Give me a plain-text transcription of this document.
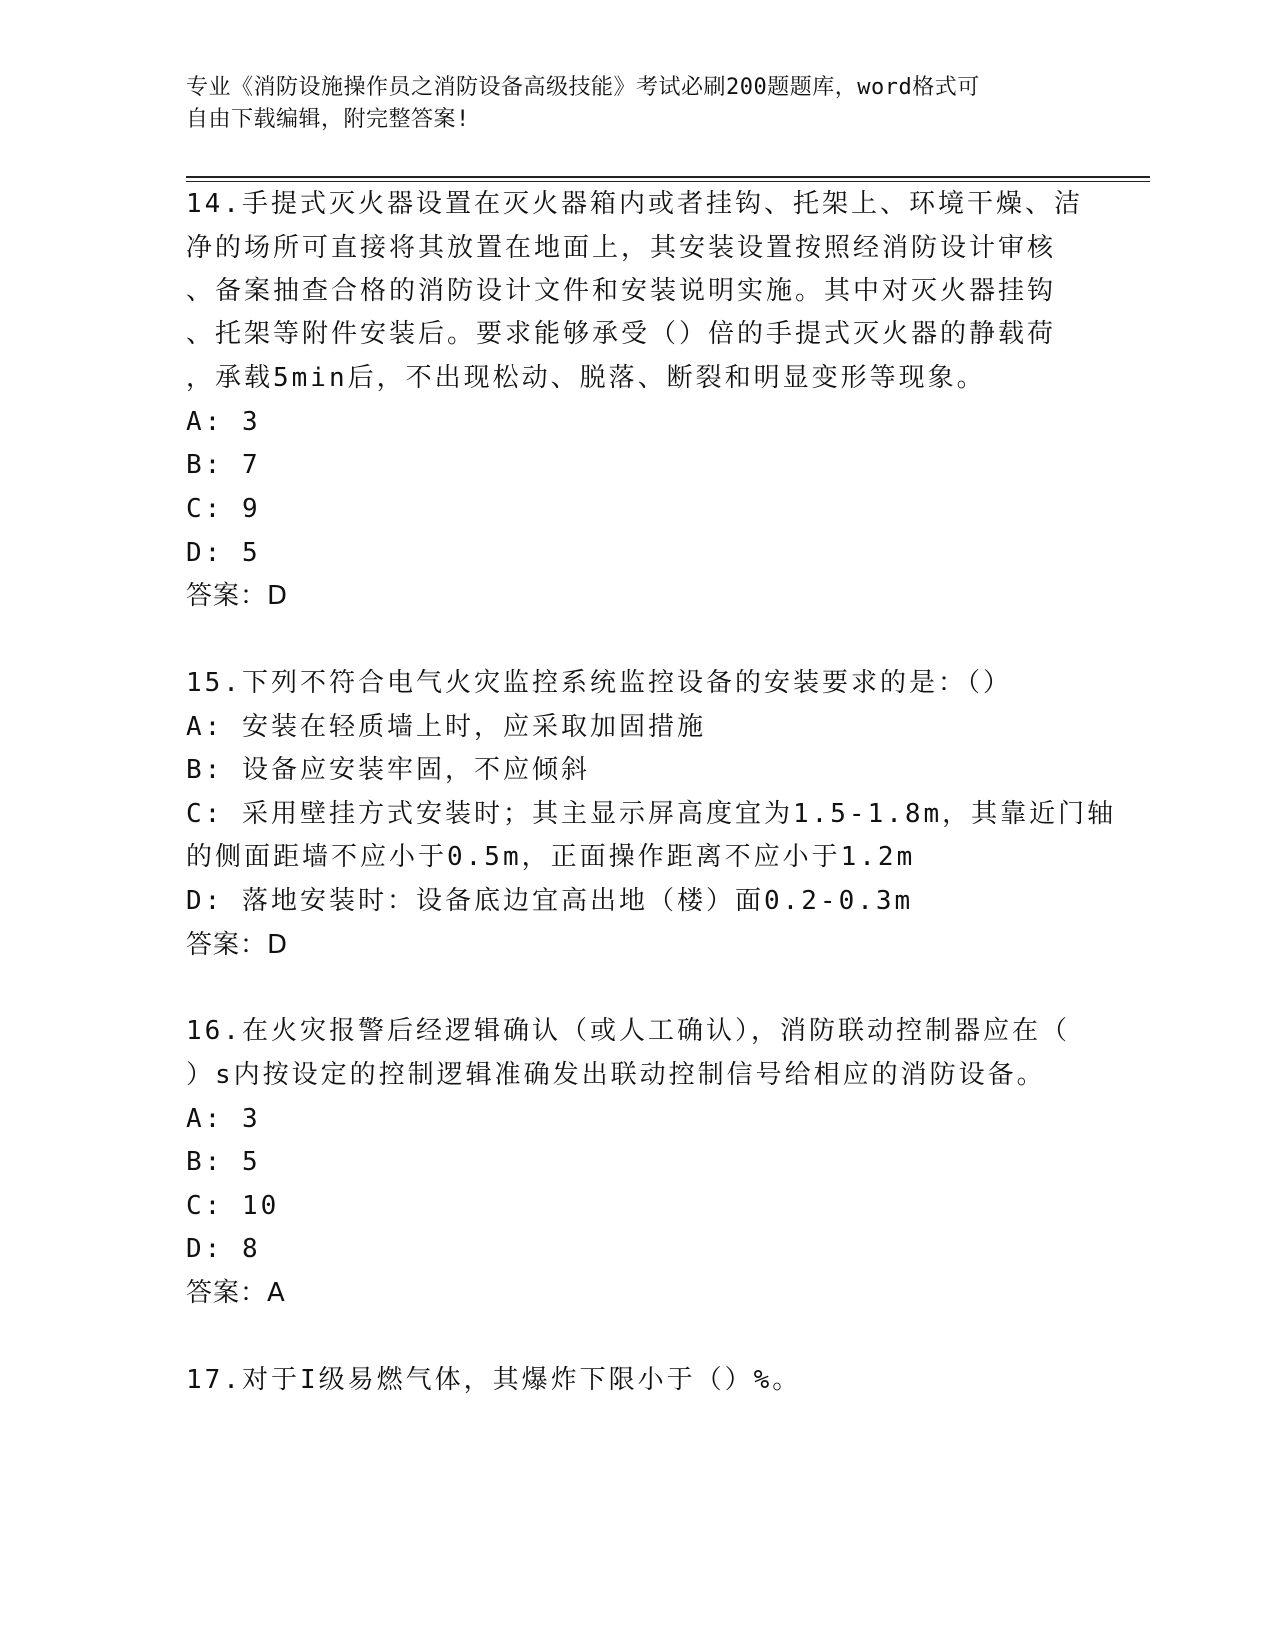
专业《消防设施操作员之消防设备高级技能》考试必刷200题题库，word格式可
自由下载编辑，附完整答案!
14.手提式灭火器设置在灭火器箱内或者挂钩、托架上、环境干燥、洁
净的场所可直接将其放置在地面上，其安装设置按照经消防设计审核
、备案抽查合格的消防设计文件和安装说明实施。其中对灭火器挂钩
、托架等附件安装后。要求能够承受（）倍的手提式灭火器的静载荷
，承载5min后，不出现松动、脱落、断裂和明显变形等现象。
A: 3
B: 7
C: 9
D: 5
答案：D
15.下列不符合电气火灾监控系统监控设备的安装要求的是：（）
A: 安装在轻质墙上时，应采取加固措施
B: 设备应安装牢固，不应倾斜
C: 采用壁挂方式安装时；其主显示屏高度宜为1.5-1.8m，其靠近门轴
的侧面距墙不应小于0.5m，正面操作距离不应小于1.2m
D: 落地安装时：设备底边宜高出地（楼）面0.2-0.3m
答案：D
16.在火灾报警后经逻辑确认（或人工确认），消防联动控制器应在（
）s内按设定的控制逻辑准确发出联动控制信号给相应的消防设备。
A: 3
B: 5
C: 10
D: 8
答案：A
17.对于I级易燃气体，其爆炸下限小于（）%。
